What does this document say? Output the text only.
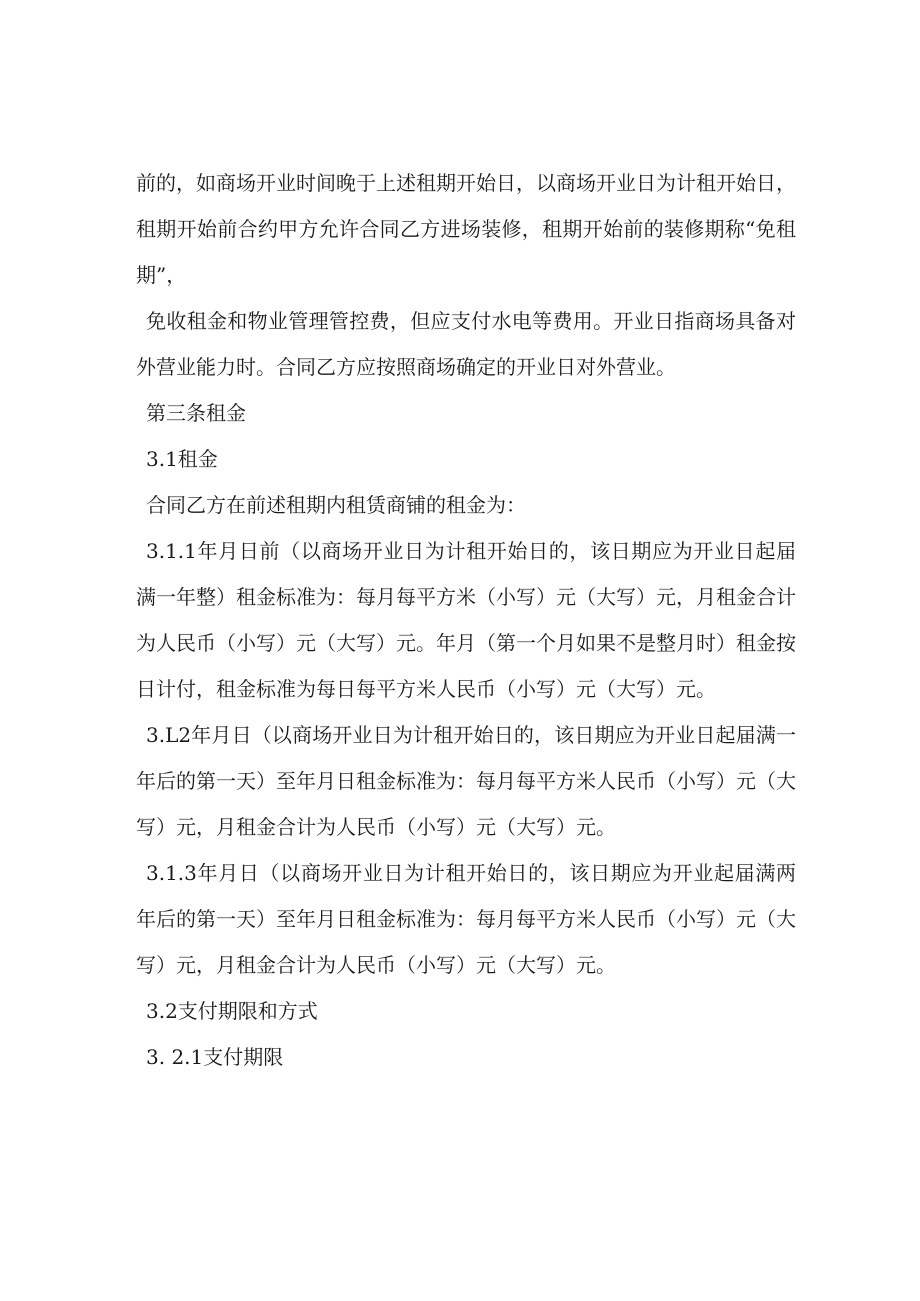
前的，如商场开业时间晚于上述租期开始日，以商场开业日为计租开始日，租期开始前合约甲方允许合同乙方进场装修，租期开始前的装修期称“免租期”，

免收租金和物业管理管控费，但应支付水电等费用。开业日指商场具备对外营业能力时。合同乙方应按照商场确定的开业日对外营业。

第三条租金

3.1租金

合同乙方在前述租期内租赁商铺的租金为：

3.1.1年月日前（以商场开业日为计租开始日的，该日期应为开业日起届满一年整）租金标准为：每月每平方米（小写）元（大写）元，月租金合计为人民币（小写）元（大写）元。年月（第一个月如果不是整月时）租金按日计付，租金标准为每日每平方米人民币（小写）元（大写）元。

3.L2年月日（以商场开业日为计租开始日的，该日期应为开业日起届满一年后的第一天）至年月日租金标准为：每月每平方米人民币（小写）元（大写）元，月租金合计为人民币（小写）元（大写）元。

3.1.3年月日（以商场开业日为计租开始日的，该日期应为开业起届满两年后的第一天）至年月日租金标准为：每月每平方米人民币（小写）元（大写）元，月租金合计为人民币（小写）元（大写）元。

3.2支付期限和方式

3. 2.1支付期限
